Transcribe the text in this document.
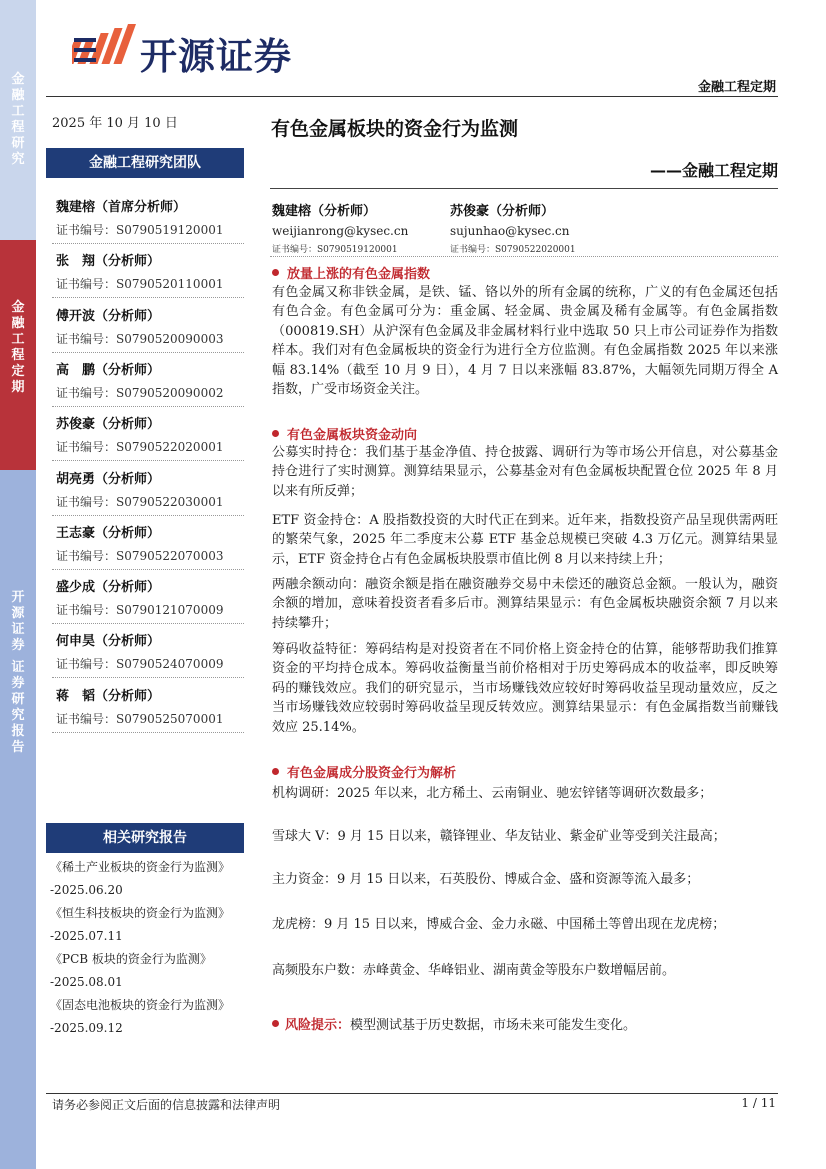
金
融
工
程
研
究
金
融
工
程
定
期
开
源
证
券
证
券
研
究
报
告
开源证券
金融工程定期
2025 年 10 月 10 日
金融工程研究团队
魏建榕（首席分析师）
证书编号：S0790519120001
张　翔（分析师）
证书编号：S0790520110001
傅开波（分析师）
证书编号：S0790520090003
高　鹏（分析师）
证书编号：S0790520090002
苏俊豪（分析师）
证书编号：S0790522020001
胡亮勇（分析师）
证书编号：S0790522030001
王志豪（分析师）
证书编号：S0790522070003
盛少成（分析师）
证书编号：S0790121070009
何申昊（分析师）
证书编号：S0790524070009
蒋　韬（分析师）
证书编号：S0790525070001
相关研究报告
《稀土产业板块的资金行为监测》
-2025.06.20
《恒生科技板块的资金行为监测》
-2025.07.11
《PCB 板块的资金行为监测》
-2025.08.01
《固态电池板块的资金行为监测》
-2025.09.12
有色金属板块的资金行为监测
——金融工程定期
魏建榕（分析师）
weijianrong@kysec.cn
证书编号：S0790519120001
苏俊豪（分析师）
sujunhao@kysec.cn
证书编号：S0790522020001
放量上涨的有色金属指数
有色金属又称非铁金属，是铁、锰、铬以外的所有金属的统称，广义的有色金属还包括有色合金。有色金属可分为：重金属、轻金属、贵金属及稀有金属等。有色金属指数（000819.SH）从沪深有色金属及非金属材料行业中选取 50 只上市公司证券作为指数样本。我们对有色金属板块的资金行为进行全方位监测。有色金属指数 2025 年以来涨幅 83.14%（截至 10 月 9 日），4 月 7 日以来涨幅 83.87%，大幅领先同期万得全 A 指数，广受市场资金关注。
有色金属板块资金动向
公募实时持仓：我们基于基金净值、持仓披露、调研行为等市场公开信息，对公募基金持仓进行了实时测算。测算结果显示，公募基金对有色金属板块配置仓位 2025 年 8 月以来有所反弹；
ETF 资金持仓：A 股指数投资的大时代正在到来。近年来，指数投资产品呈现供需两旺的繁荣气象，2025 年二季度末公募 ETF 基金总规模已突破 4.3 万亿元。测算结果显示，ETF 资金持仓占有色金属板块股票市值比例 8 月以来持续上升；
两融余额动向：融资余额是指在融资融券交易中未偿还的融资总金额。一般认为，融资余额的增加，意味着投资者看多后市。测算结果显示：有色金属板块融资余额 7 月以来持续攀升；
筹码收益特征：筹码结构是对投资者在不同价格上资金持仓的估算，能够帮助我们推算资金的平均持仓成本。筹码收益衡量当前价格相对于历史筹码成本的收益率，即反映筹码的赚钱效应。我们的研究显示，当市场赚钱效应较好时筹码收益呈现动量效应，反之当市场赚钱效应较弱时筹码收益呈现反转效应。测算结果显示：有色金属指数当前赚钱效应 25.14%。
有色金属成分股资金行为解析
机构调研：2025 年以来，北方稀土、云南铜业、驰宏锌锗等调研次数最多；
雪球大 V：9 月 15 日以来，赣锋锂业、华友钴业、紫金矿业等受到关注最高；
主力资金：9 月 15 日以来，石英股份、博威合金、盛和资源等流入最多；
龙虎榜：9 月 15 日以来，博威合金、金力永磁、中国稀土等曾出现在龙虎榜；
高频股东户数：赤峰黄金、华峰铝业、湖南黄金等股东户数增幅居前。
风险提示：模型测试基于历史数据，市场未来可能发生变化。
请务必参阅正文后面的信息披露和法律声明	1 / 11
